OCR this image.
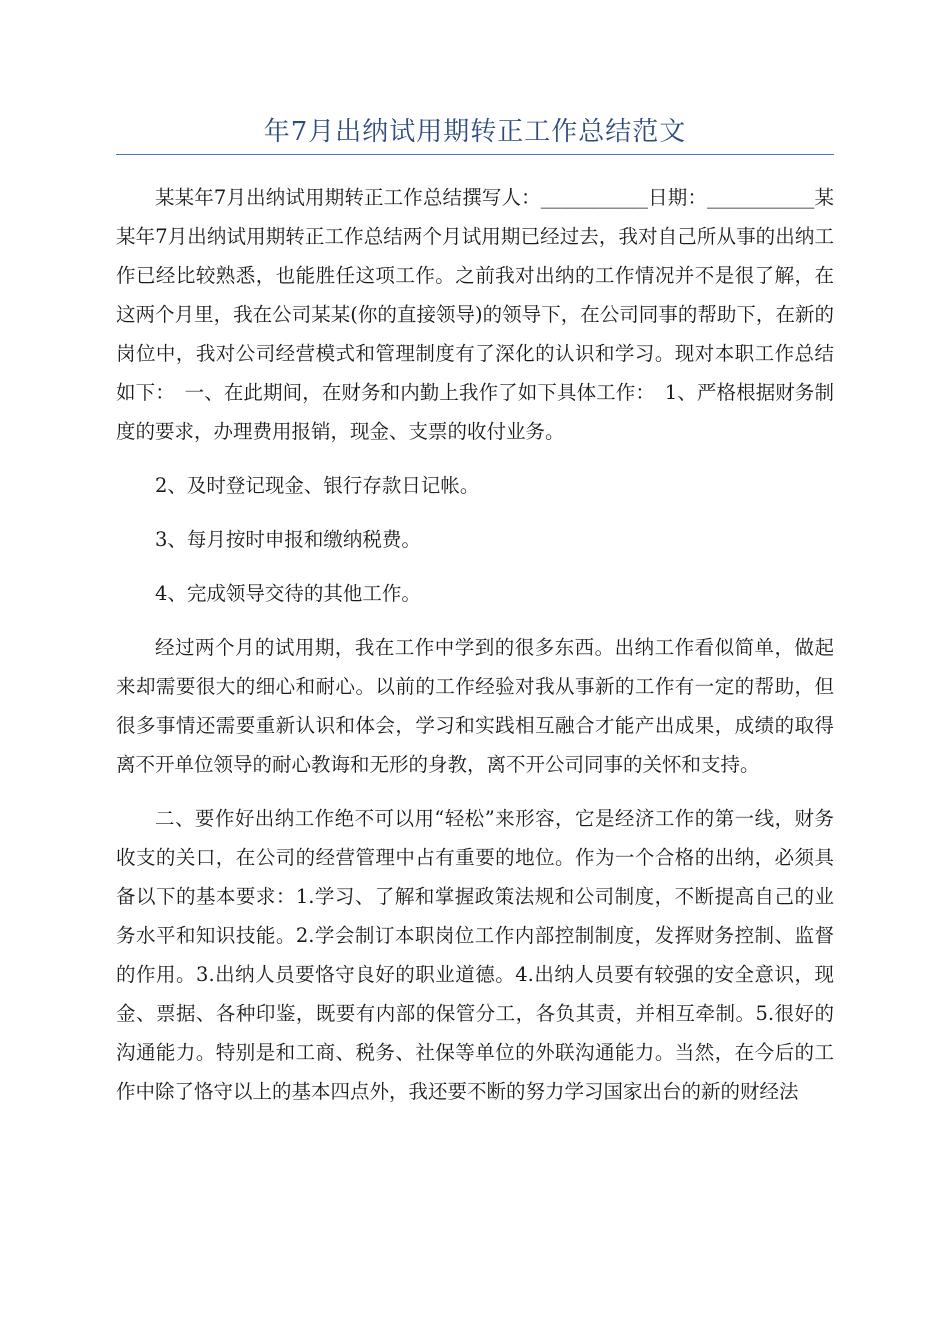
年7月出纳试用期转正工作总结范文

某某年7月出纳试用期转正工作总结撰写人：___________日期：___________某某年7月出纳试用期转正工作总结两个月试用期已经过去，我对自己所从事的出纳工作已经比较熟悉，也能胜任这项工作。之前我对出纳的工作情况并不是很了解，在这两个月里，我在公司某某(你的直接领导)的领导下，在公司同事的帮助下，在新的岗位中，我对公司经营模式和管理制度有了深化的认识和学习。现对本职工作总结如下：　一、在此期间，在财务和内勤上我作了如下具体工作：　1、严格根据财务制度的要求，办理费用报销，现金、支票的收付业务。

2、及时登记现金、银行存款日记帐。

3、每月按时申报和缴纳税费。

4、完成领导交待的其他工作。

经过两个月的试用期，我在工作中学到的很多东西。出纳工作看似简单，做起来却需要很大的细心和耐心。以前的工作经验对我从事新的工作有一定的帮助，但很多事情还需要重新认识和体会，学习和实践相互融合才能产出成果，成绩的取得离不开单位领导的耐心教诲和无形的身教，离不开公司同事的关怀和支持。

二、要作好出纳工作绝不可以用“轻松”来形容，它是经济工作的第一线，财务收支的关口，在公司的经营管理中占有重要的地位。作为一个合格的出纳，必须具备以下的基本要求：1.学习、了解和掌握政策法规和公司制度，不断提高自己的业务水平和知识技能。2.学会制订本职岗位工作内部控制制度，发挥财务控制、监督的作用。3.出纳人员要恪守良好的职业道德。4.出纳人员要有较强的安全意识，现金、票据、各种印鉴，既要有内部的保管分工，各负其责，并相互牵制。5.很好的沟通能力。特别是和工商、税务、社保等单位的外联沟通能力。当然，在今后的工作中除了恪守以上的基本四点外，我还要不断的努力学习国家出台的新的财经法
